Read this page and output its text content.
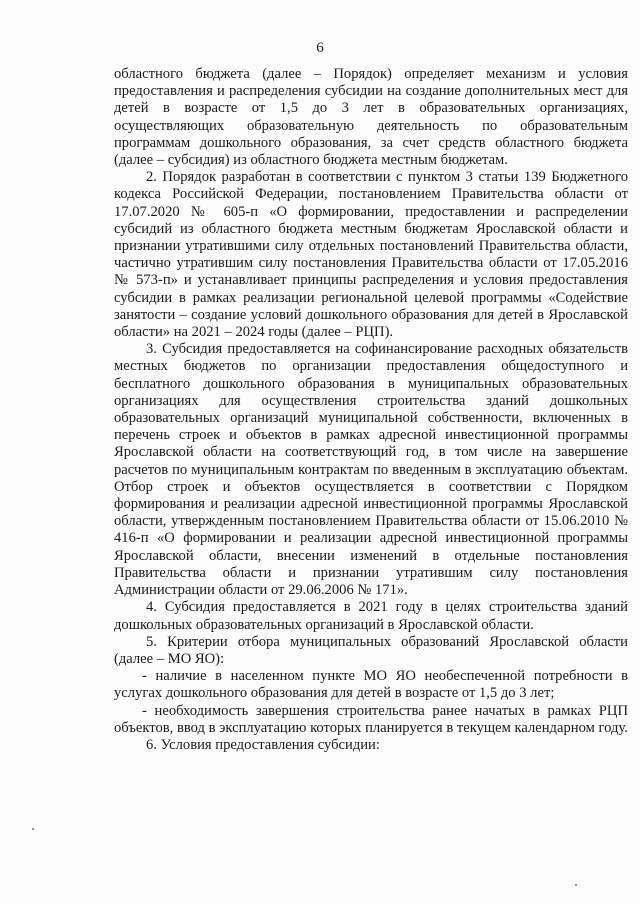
6

областного бюджета (далее – Порядок) определяет механизм и условия предоставления и распределения субсидии на создание дополнительных мест для детей в возрасте от 1,5 до 3 лет в образовательных организациях, осуществляющих образовательную деятельность по образовательным программам дошкольного образования, за счет средств областного бюджета (далее – субсидия) из областного бюджета местным бюджетам.

2. Порядок разработан в соответствии с пунктом 3 статьи 139 Бюджетного кодекса Российской Федерации, постановлением Правительства области от 17.07.2020 № 605-п «О формировании, предоставлении и распределении субсидий из областного бюджета местным бюджетам Ярославской области и признании утратившими силу отдельных постановлений Правительства области, частично утратившим силу постановления Правительства области от 17.05.2016 № 573-п» и устанавливает принципы распределения и условия предоставления субсидии в рамках реализации региональной целевой программы «Содействие занятости – создание условий дошкольного образования для детей в Ярославской области» на 2021 – 2024 годы (далее – РЦП).

3. Субсидия предоставляется на софинансирование расходных обязательств местных бюджетов по организации предоставления общедоступного и бесплатного дошкольного образования в муниципальных образовательных организациях для осуществления строительства зданий дошкольных образовательных организаций муниципальной собственности, включенных в перечень строек и объектов в рамках адресной инвестиционной программы Ярославской области на соответствующий год, в том числе на завершение расчетов по муниципальным контрактам по введенным в эксплуатацию объектам. Отбор строек и объектов осуществляется в соответствии с Порядком формирования и реализации адресной инвестиционной программы Ярославской области, утвержденным постановлением Правительства области от 15.06.2010 № 416-п «О формировании и реализации адресной инвестиционной программы Ярославской области, внесении изменений в отдельные постановления Правительства области и признании утратившим силу постановления Администрации области от 29.06.2006 № 171».

4. Субсидия предоставляется в 2021 году в целях строительства зданий дошкольных образовательных организаций в Ярославской области.

5. Критерии отбора муниципальных образований Ярославской области (далее – МО ЯО):

- наличие в населенном пункте МО ЯО необеспеченной потребности в услугах дошкольного образования для детей в возрасте от 1,5 до 3 лет;

- необходимость завершения строительства ранее начатых в рамках РЦП объектов, ввод в эксплуатацию которых планируется в текущем календарном году.

6. Условия предоставления субсидии:
